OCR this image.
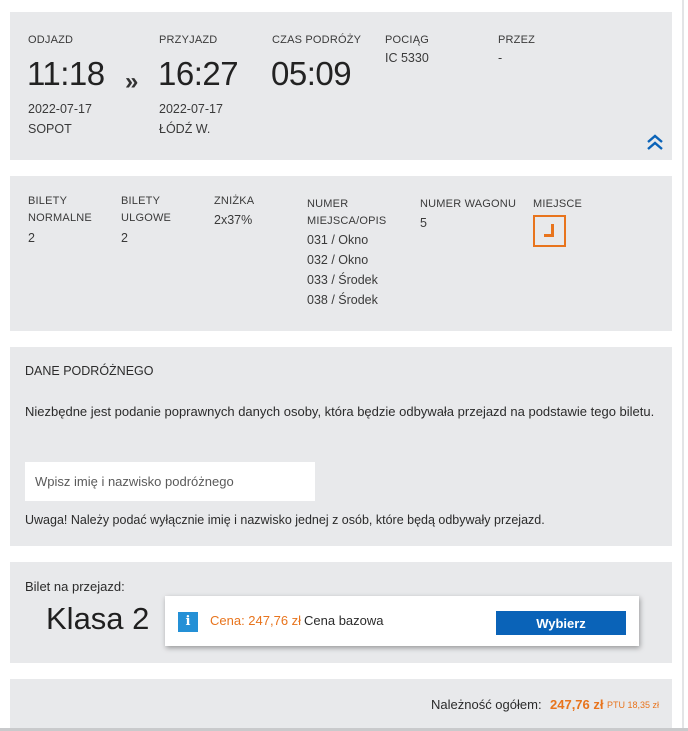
ODJAZD
11:18
2022-07-17
SOPOT
»
PRZYJAZD
16:27
2022-07-17
ŁÓDŹ W.
CZAS PODRÓŻY
05:09
POCIĄG
IC 5330
PRZEZ
-
BILETY
NORMALNE
2
BILETY
ULGOWE
2
ZNIŻKA
2x37%
NUMER
MIEJSCA/OPIS
031 / Okno
032 / Okno
033 / Środek
038 / Środek
NUMER WAGONU
5
MIEJSCE
DANE PODRÓŻNEGO
Niezbędne jest podanie poprawnych danych osoby, która będzie odbywała przejazd na podstawie tego biletu.
Wpisz imię i nazwisko podróżnego
Uwaga! Należy podać wyłącznie imię i nazwisko jednej z osób, które będą odbywały przejazd.
Bilet na przejazd:
Klasa 2	i	Cena: 247,76 zł Cena bazowa	Wybierz
Należność ogółem: 247,76 zł PTU 18,35 zł
